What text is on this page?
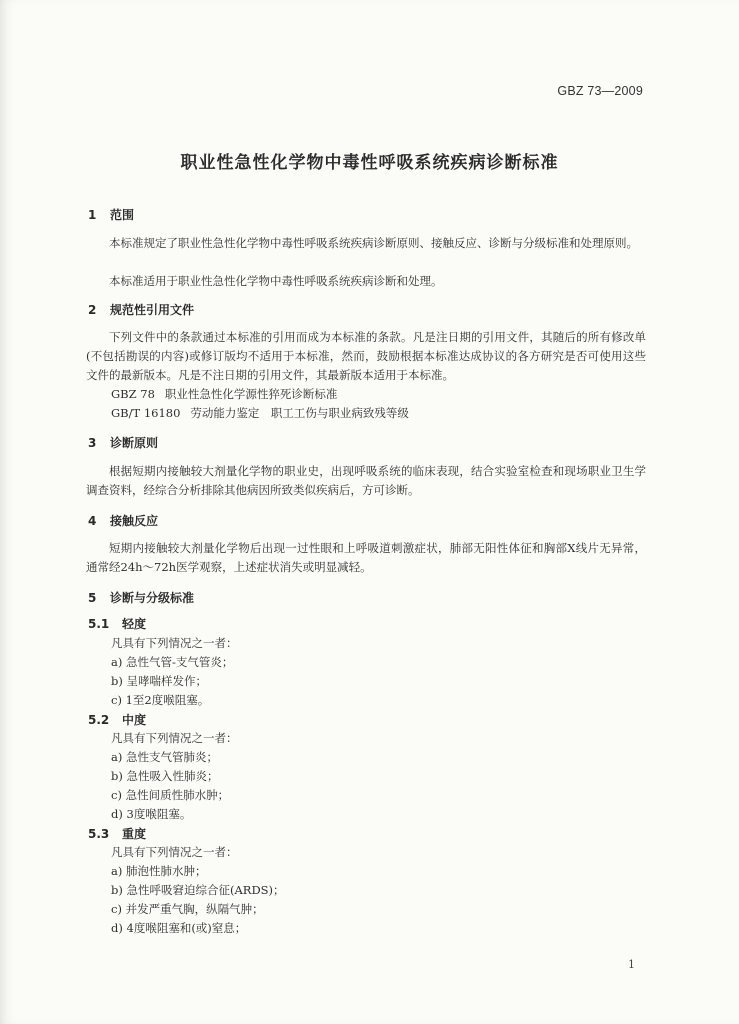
GBZ 73—2009
职业性急性化学物中毒性呼吸系统疾病诊断标准
1 范围
本标准规定了职业性急性化学物中毒性呼吸系统疾病诊断原则、接触反应、诊断与分级标准和处理原则。
本标准适用于职业性急性化学物中毒性呼吸系统疾病诊断和处理。
2 规范性引用文件
下列文件中的条款通过本标准的引用而成为本标准的条款。凡是注日期的引用文件，其随后的所有修改单(不包括勘误的内容)或修订版均不适用于本标准，然而，鼓励根据本标准达成协议的各方研究是否可使用这些文件的最新版本。凡是不注日期的引用文件，其最新版本适用于本标准。
GBZ 78 职业性急性化学源性猝死诊断标准
GB/T 16180 劳动能力鉴定　职工工伤与职业病致残等级
3 诊断原则
根据短期内接触较大剂量化学物的职业史，出现呼吸系统的临床表现，结合实验室检查和现场职业卫生学调查资料，经综合分析排除其他病因所致类似疾病后，方可诊断。
4 接触反应
短期内接触较大剂量化学物后出现一过性眼和上呼吸道刺激症状，肺部无阳性体征和胸部X线片无异常，通常经24h～72h医学观察，上述症状消失或明显减轻。
5 诊断与分级标准
5.1 轻度
凡具有下列情况之一者：
a) 急性气管-支气管炎；
b) 呈哮喘样发作；
c) 1至2度喉阻塞。
5.2 中度
凡具有下列情况之一者：
a) 急性支气管肺炎；
b) 急性吸入性肺炎；
c) 急性间质性肺水肿；
d) 3度喉阻塞。
5.3 重度
凡具有下列情况之一者：
a) 肺泡性肺水肿；
b) 急性呼吸窘迫综合征(ARDS)；
c) 并发严重气胸，纵隔气肿；
d) 4度喉阻塞和(或)窒息；
1
